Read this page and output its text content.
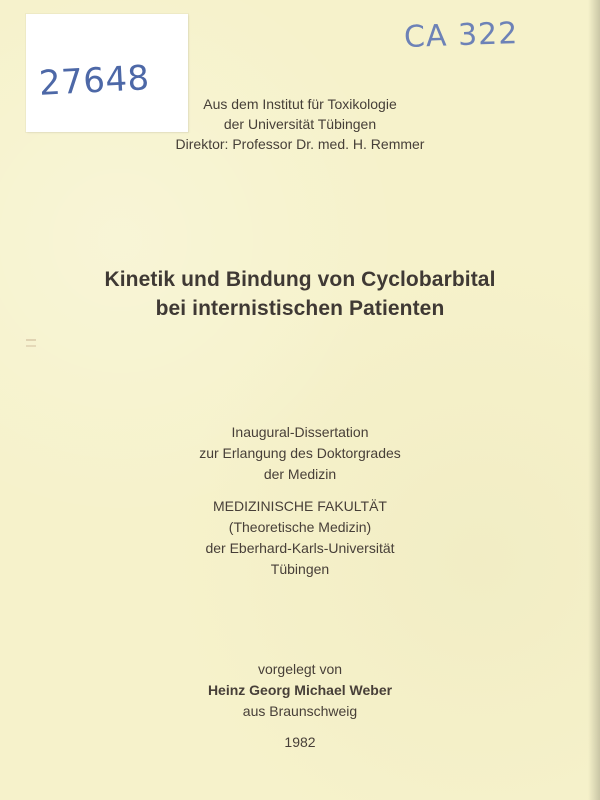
27648
CA 322
Aus dem Institut für Toxikologie
der Universität Tübingen
Direktor: Professor Dr. med. H. Remmer
Kinetik und Bindung von Cyclobarbital
bei internistischen Patienten
Inaugural-Dissertation
zur Erlangung des Doktorgrades
der Medizin
MEDIZINISCHE FAKULTÄT
(Theoretische Medizin)
der Eberhard-Karls-Universität
Tübingen
vorgelegt von
Heinz Georg Michael Weber
aus Braunschweig
1982
